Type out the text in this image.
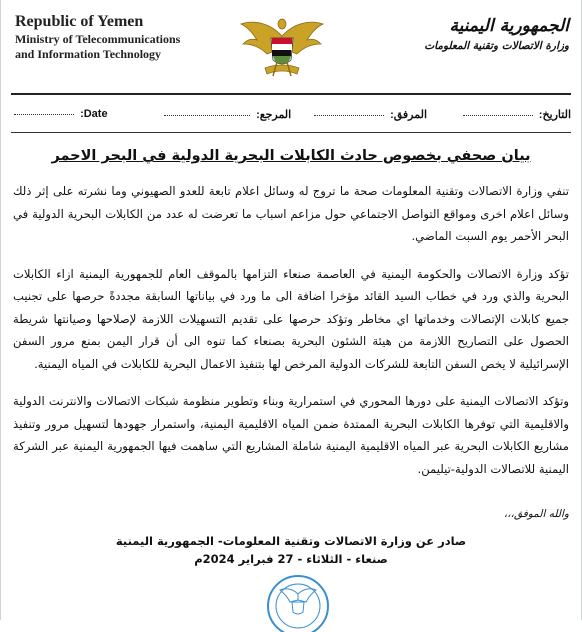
Republic of Yemen
Ministry of Telecommunications
and Information Technology
الجمهورية اليمنية
وزارة الاتصالات وتقنية المعلومات
Date:	المرجع:	المرفق:	التاريخ:
بيان صحفي بخصوص حادث الكابلات البحرية الدولية في البحر الاحمر

تنفي وزارة الاتصالات وتقنية المعلومات صحة ما تروج له وسائل اعلام تابعة للعدو الصهيوني وما نشرته على إثر ذلك وسائل اعلام اخرى ومواقع التواصل الاجتماعي حول مزاعم اسباب ما تعرضت له عدد من الكابلات البحرية الدولية في البحر الأحمر يوم السبت الماضي.

تؤكد وزارة الاتصالات والحكومة اليمنية في العاصمة صنعاء التزامها بالموقف العام للجمهورية اليمنية ازاء الكابلات البحرية والذي ورد في خطاب السيد القائد مؤخرا اضافة الى ما ورد في بياناتها السابقة مجددةً حرصها على تجنيب جميع كابلات الإتصالات وخدماتها اي مخاطر وتؤكد حرصها على تقديم التسهيلات اللازمة لإصلاحها وصيانتها شريطة الحصول على التصاريح اللازمة من هيئة الشئون البحرية بصنعاء كما تنوه الى أن قرار اليمن بمنع مرور السفن الإسرائيلية لا يخص السفن التابعة للشركات الدولية المرخص لها بتنفيذ الاعمال البحرية للكابلات في المياه اليمنية.

وتؤكد الاتصالات اليمنية على دورها المحوري في استمرارية وبناء وتطوير منظومة شبكات الاتصالات والانترنت الدولية والاقليمية التي توفرها الكابلات البحرية الممتدة ضمن المياه الاقليمية اليمنية، واستمرار جهودها لتسهيل مرور وتنفيذ مشاريع الكابلات البحرية عبر المياه الاقليمية اليمنية شاملة المشاريع التي ساهمت فيها الجمهورية اليمنية عبر الشركة اليمنية للاتصالات الدولية-تيليمن.

والله الموفق،،،
صادر عن وزارة الاتصالات وتقنية المعلومات- الجمهورية اليمنية
صنعاء - الثلاثاء - 27 فبراير 2024م
